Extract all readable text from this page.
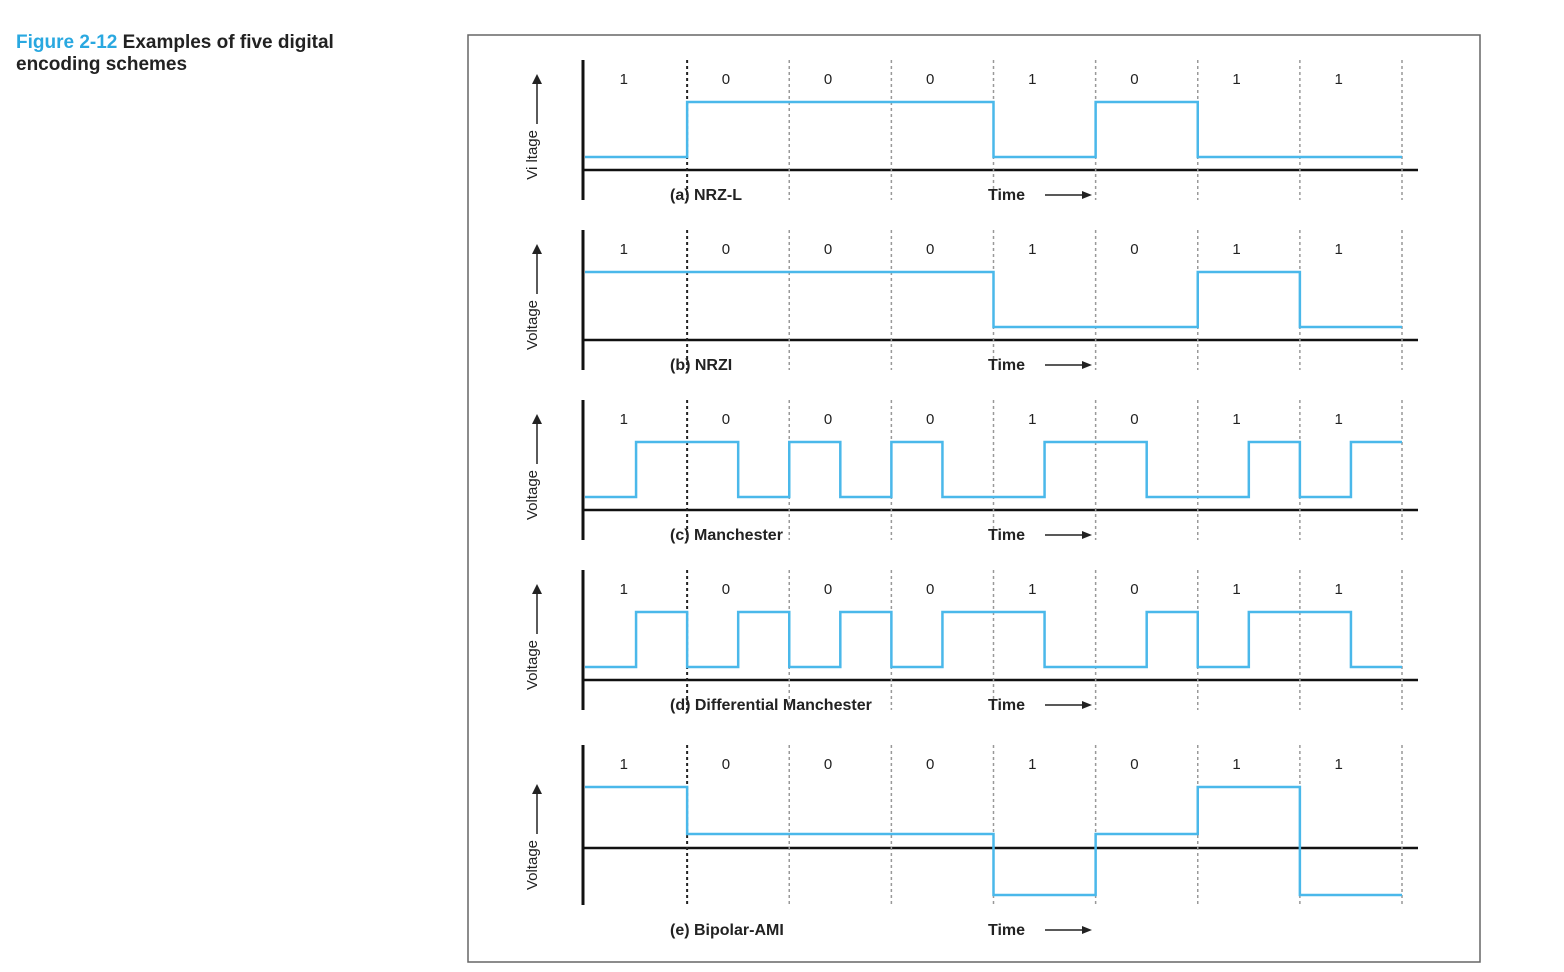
Figure 2-12 Examples of five digital encoding schemes
1	0	0	0	1	0	1	1
Vi ltage
(a) NRZ-L	Time
1	0	0	0	1	0	1	1
Voltage
(b) NRZI	Time
1	0	0	0	1	0	1	1
Voltage
(c) Manchester	Time
1	0	0	0	1	0	1	1
Voltage
(d) Differential Manchester	Time
1	0	0	0	1	0	1	1
Voltage
(e) Bipolar-AMI	Time
